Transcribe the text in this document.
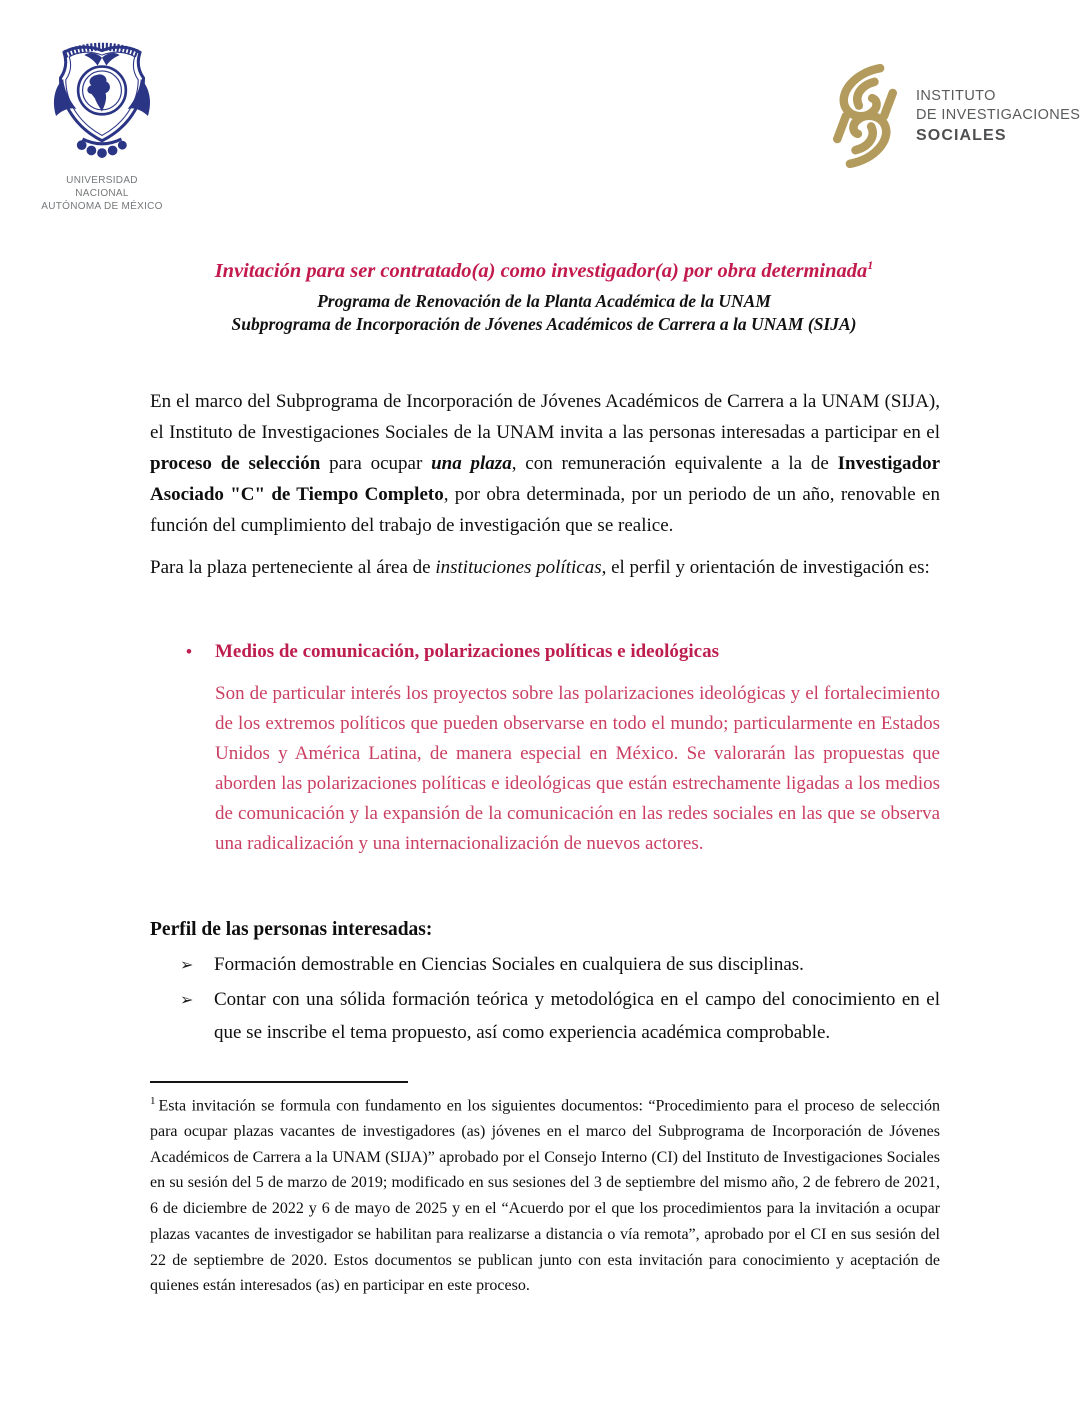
UNIVERSIDAD NACIONAL
AUTÓNOMA DE MÉXICO
INSTITUTO
DE INVESTIGACIONES
SOCIALES
Invitación para ser contratado(a) como investigador(a) por obra determinada$^1$
Programa de Renovación de la Planta Académica de la UNAM
Subprograma de Incorporación de Jóvenes Académicos de Carrera a la UNAM (SIJA)

En el marco del Subprograma de Incorporación de Jóvenes Académicos de Carrera a la UNAM (SIJA), el Instituto de Investigaciones Sociales de la UNAM invita a las personas interesadas a participar en el proceso de selección para ocupar una plaza, con remuneración equivalente a la de Investigador Asociado "C" de Tiempo Completo, por obra determinada, por un periodo de un año, renovable en función del cumplimiento del trabajo de investigación que se realice.

Para la plaza perteneciente al área de instituciones políticas, el perfil y orientación de investigación es:

• Medios de comunicación, polarizaciones políticas e ideológicas

Son de particular interés los proyectos sobre las polarizaciones ideológicas y el fortalecimiento de los extremos políticos que pueden observarse en todo el mundo; particularmente en Estados Unidos y América Latina, de manera especial en México. Se valorarán las propuestas que aborden las polarizaciones políticas e ideológicas que están estrechamente ligadas a los medios de comunicación y la expansión de la comunicación en las redes sociales en las que se observa una radicalización y una internacionalización de nuevos actores.

Perfil de las personas interesadas:
➢ Formación demostrable en Ciencias Sociales en cualquiera de sus disciplinas.
➢ Contar con una sólida formación teórica y metodológica en el campo del conocimiento en el que se inscribe el tema propuesto, así como experiencia académica comprobable.
$^1$ Esta invitación se formula con fundamento en los siguientes documentos: “Procedimiento para el proceso de selección para ocupar plazas vacantes de investigadores (as) jóvenes en el marco del Subprograma de Incorporación de Jóvenes Académicos de Carrera a la UNAM (SIJA)” aprobado por el Consejo Interno (CI) del Instituto de Investigaciones Sociales en su sesión del 5 de marzo de 2019; modificado en sus sesiones del 3 de septiembre del mismo año, 2 de febrero de 2021, 6 de diciembre de 2022 y 6 de mayo de 2025 y en el “Acuerdo por el que los procedimientos para la invitación a ocupar plazas vacantes de investigador se habilitan para realizarse a distancia o vía remota”, aprobado por el CI en sus sesión del 22 de septiembre de 2020. Estos documentos se publican junto con esta invitación para conocimiento y aceptación de quienes están interesados (as) en participar en este proceso.
